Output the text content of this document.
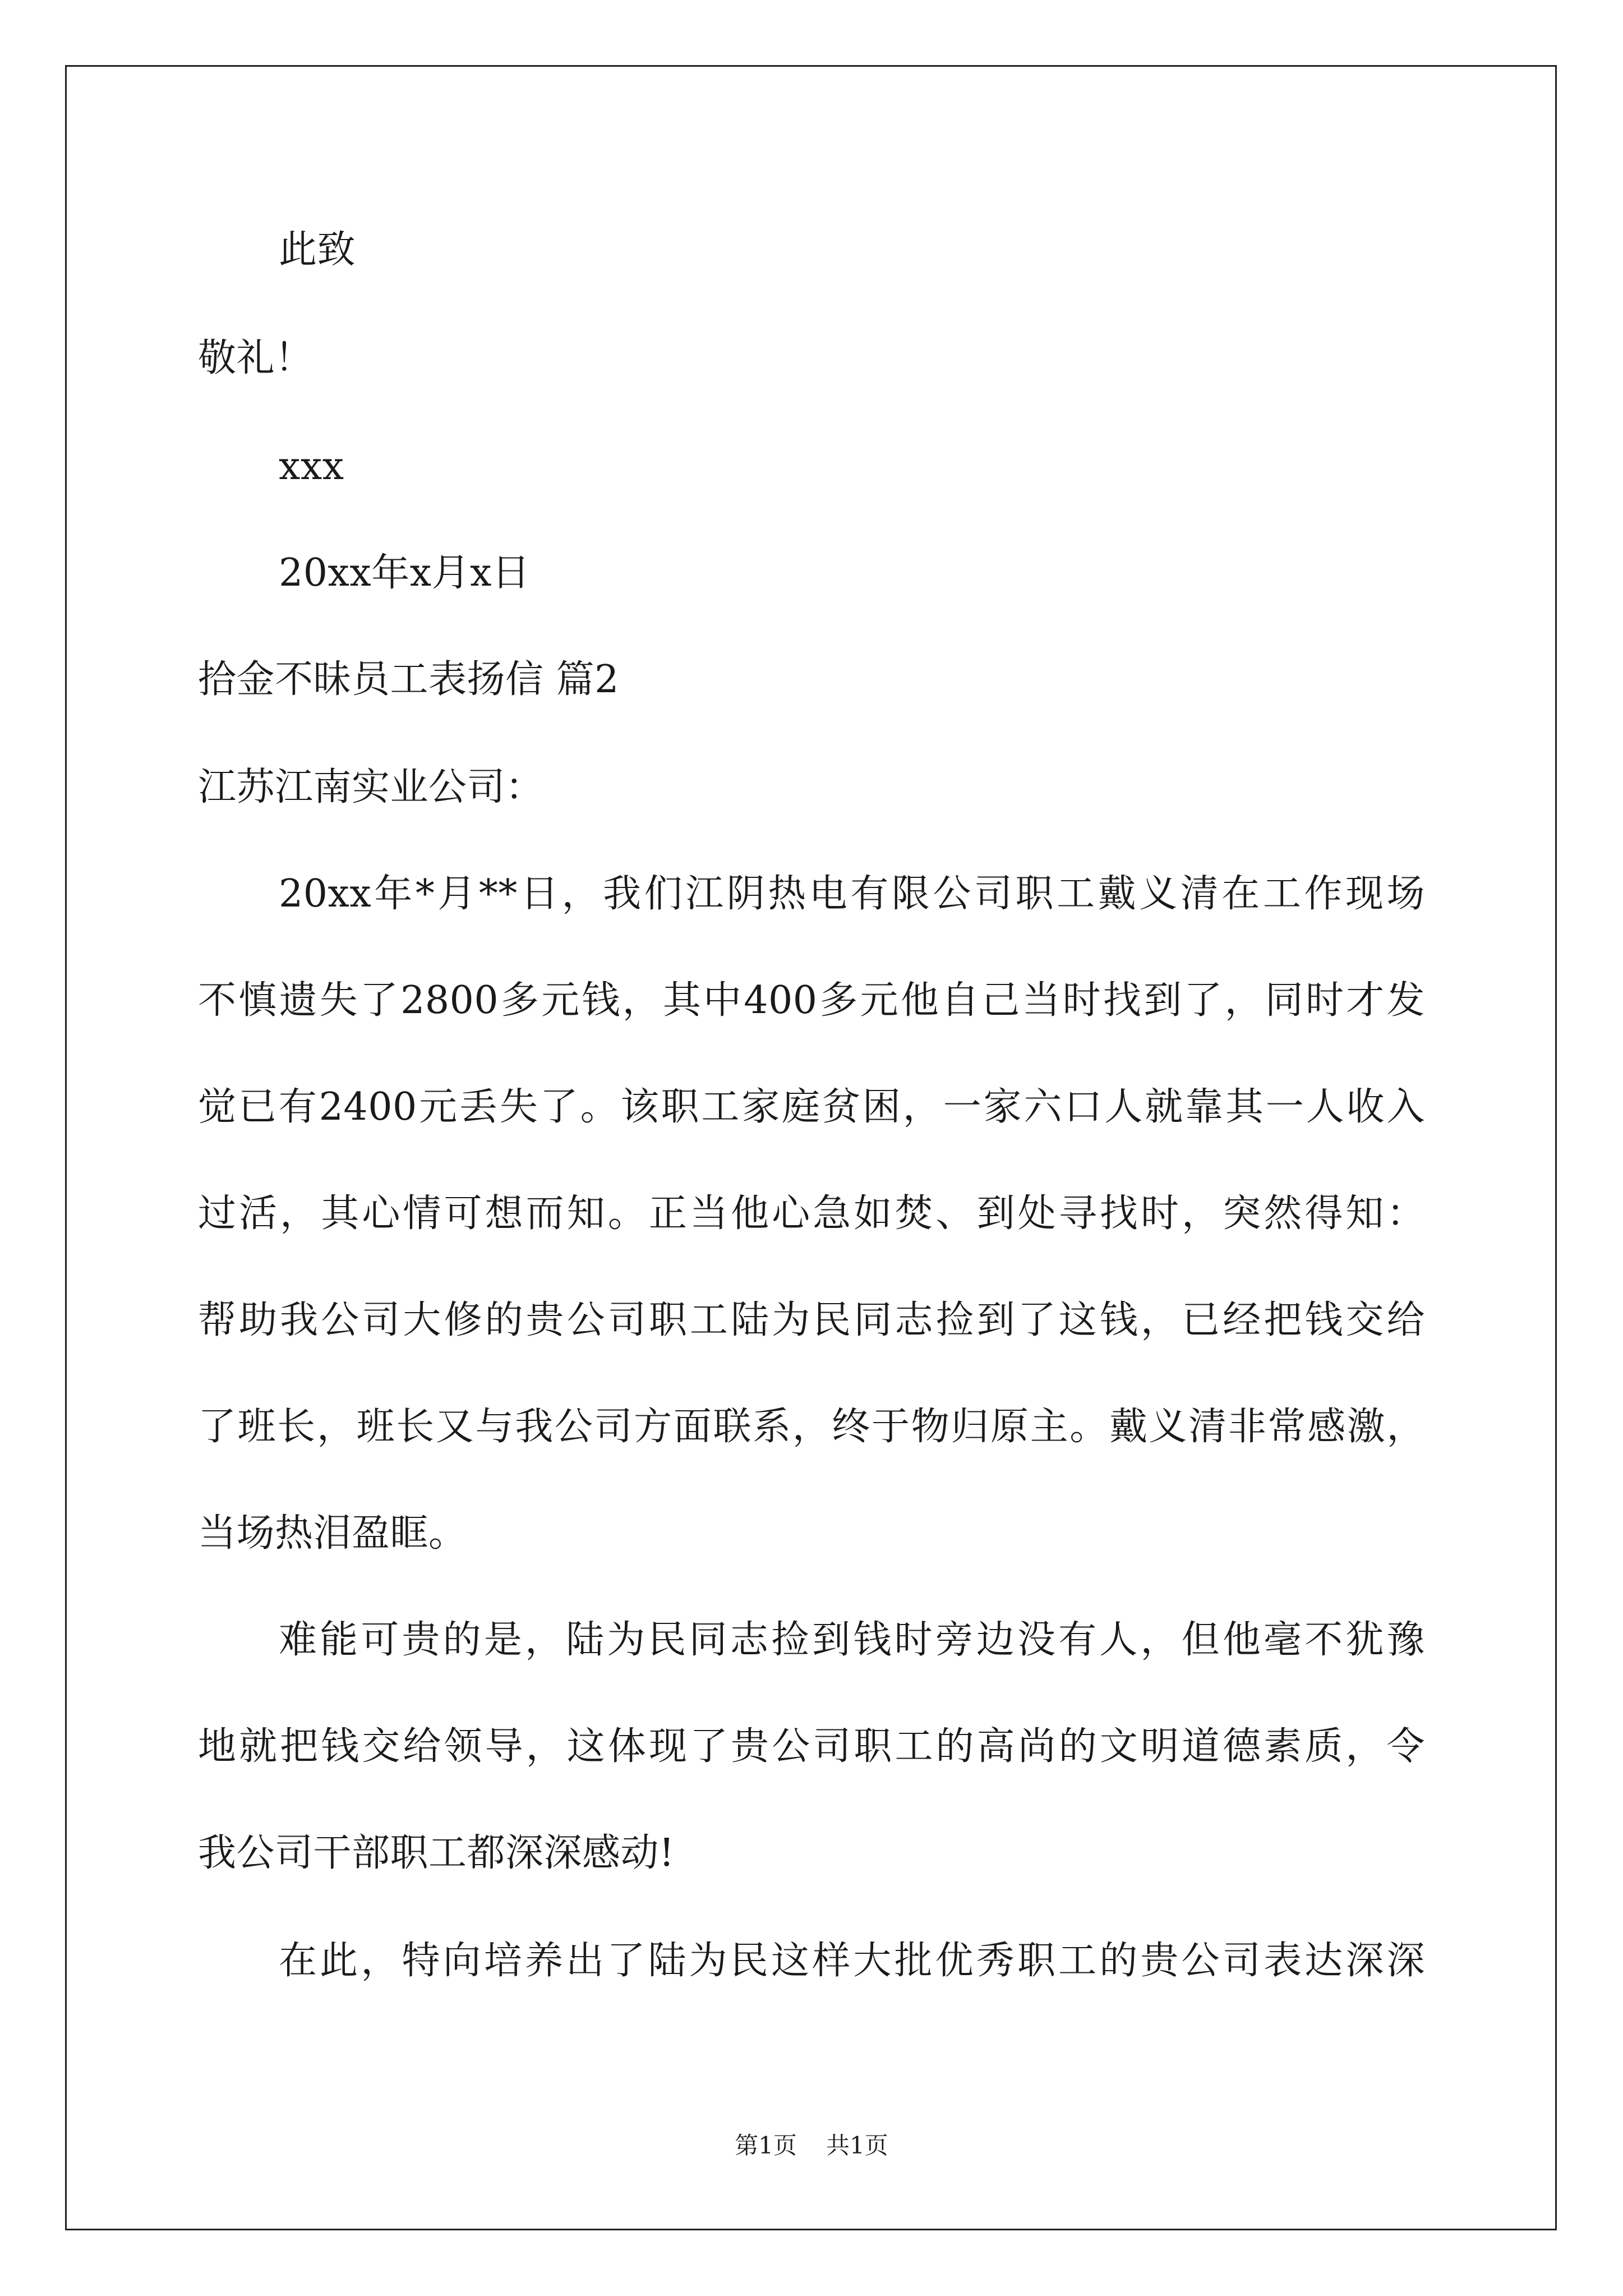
此致
敬礼！
xxx
20xx年x月x日
拾金不昧员工表扬信 篇2
江苏江南实业公司：
20xx年*月**日，我们江阴热电有限公司职工戴义清在工作现场
不慎遗失了2800多元钱，其中400多元他自己当时找到了，同时才发
觉已有2400元丢失了。该职工家庭贫困，一家六口人就靠其一人收入
过活，其心情可想而知。正当他心急如焚、到处寻找时，突然得知：
帮助我公司大修的贵公司职工陆为民同志捡到了这钱，已经把钱交给
了班长，班长又与我公司方面联系，终于物归原主。戴义清非常感激，
当场热泪盈眶。
难能可贵的是，陆为民同志捡到钱时旁边没有人，但他毫不犹豫
地就把钱交给领导，这体现了贵公司职工的高尚的文明道德素质，令
我公司干部职工都深深感动!
在此，特向培养出了陆为民这样大批优秀职工的贵公司表达深深
第1页 共1页
